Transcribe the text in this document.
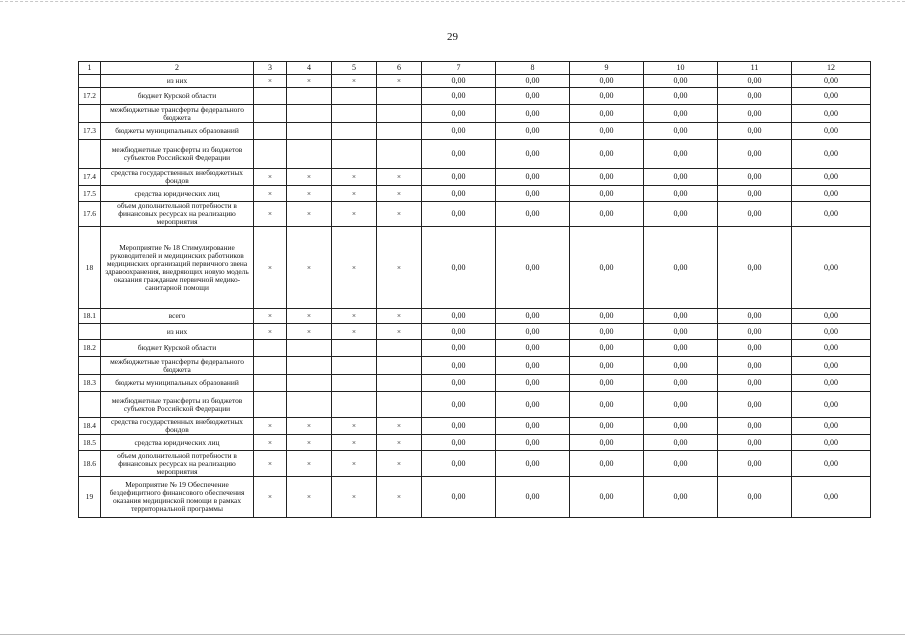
29
1	2	3	4	5	6	7	8	9	10	11	12
	из них	×	×	×	×	0,00	0,00	0,00	0,00	0,00	0,00
17.2	бюджет Курской области					0,00	0,00	0,00	0,00	0,00	0,00
	межбюджетные трансферты федерального бюджета					0,00	0,00	0,00	0,00	0,00	0,00
17.3	бюджеты муниципальных образований					0,00	0,00	0,00	0,00	0,00	0,00
	межбюджетные трансферты из бюджетов субъектов Российской Федерации					0,00	0,00	0,00	0,00	0,00	0,00
17.4	средства государственных внебюджетных фондов	×	×	×	×	0,00	0,00	0,00	0,00	0,00	0,00
17.5	средства юридических лиц	×	×	×	×	0,00	0,00	0,00	0,00	0,00	0,00
17.6	объем дополнительной потребности в финансовых ресурсах на реализацию мероприятия	×	×	×	×	0,00	0,00	0,00	0,00	0,00	0,00
18	Мероприятие № 18 Стимулирование руководителей и медицинских работников медицинских организаций первичного звена здравоохранения, внедряющих новую модель оказания гражданам первичной медико-санитарной помощи	×	×	×	×	0,00	0,00	0,00	0,00	0,00	0,00
18.1	всего	×	×	×	×	0,00	0,00	0,00	0,00	0,00	0,00
	из них	×	×	×	×	0,00	0,00	0,00	0,00	0,00	0,00
18.2	бюджет Курской области					0,00	0,00	0,00	0,00	0,00	0,00
	межбюджетные трансферты федерального бюджета					0,00	0,00	0,00	0,00	0,00	0,00
18.3	бюджеты муниципальных образований					0,00	0,00	0,00	0,00	0,00	0,00
	межбюджетные трансферты из бюджетов субъектов Российской Федерации					0,00	0,00	0,00	0,00	0,00	0,00
18.4	средства государственных внебюджетных фондов	×	×	×	×	0,00	0,00	0,00	0,00	0,00	0,00
18.5	средства юридических лиц	×	×	×	×	0,00	0,00	0,00	0,00	0,00	0,00
18.6	объем дополнительной потребности в финансовых ресурсах на реализацию мероприятия	×	×	×	×	0,00	0,00	0,00	0,00	0,00	0,00
19	Мероприятие № 19 Обеспечение бездефицитного финансового обеспечения оказания медицинской помощи в рамках территориальной программы	×	×	×	×	0,00	0,00	0,00	0,00	0,00	0,00
